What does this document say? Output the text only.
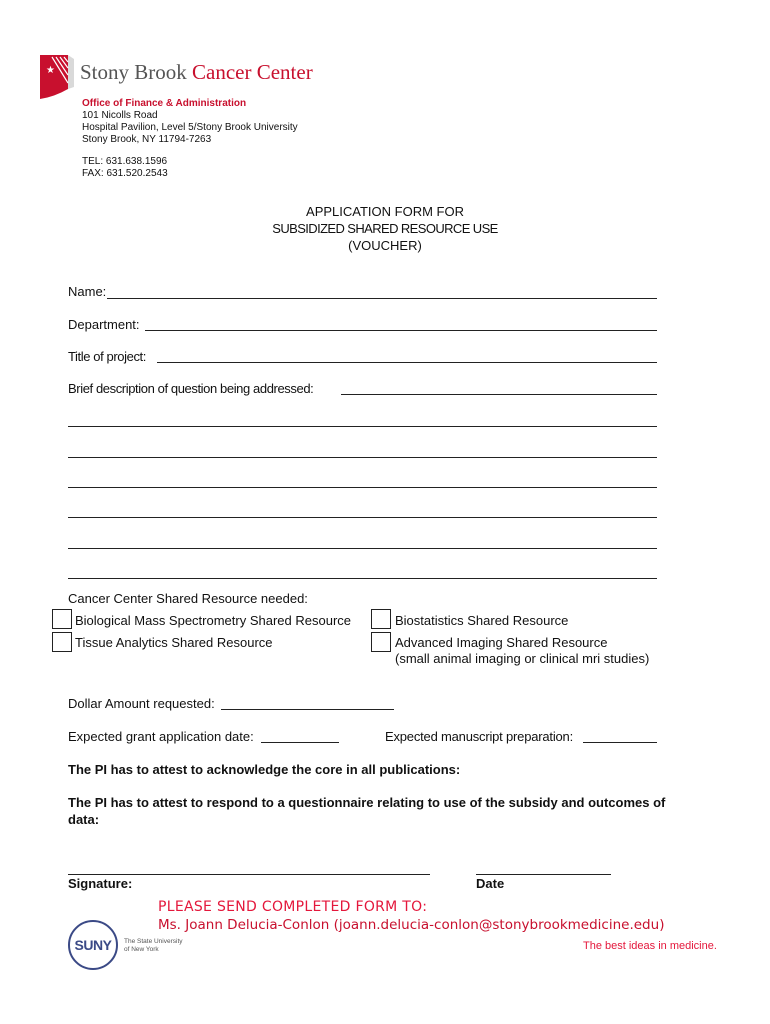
★ Stony Brook Cancer Center
Office of Finance & Administration
101 Nicolls Road
Hospital Pavilion, Level 5/Stony Brook University
Stony Brook, NY 11794-7263
TEL: 631.638.1596
FAX: 631.520.2543
APPLICATION FORM FOR
SUBSIDIZED SHARED RESOURCE USE
(VOUCHER)
Name:
Department:
Title of project:
Brief description of question being addressed:
Cancer Center Shared Resource needed:
Biological Mass Spectrometry Shared Resource
Tissue Analytics Shared Resource
Biostatistics Shared Resource
Advanced Imaging Shared Resource
(small animal imaging or clinical mri studies)
Dollar Amount requested:
Expected grant application date:	Expected manuscript preparation:
The PI has to attest to acknowledge the core in all publications:
The PI has to attest to respond to a questionnaire relating to use of the subsidy and outcomes of
data:
Signature:	Date
PLEASE SEND COMPLETED FORM TO:
Ms. Joann Delucia-Conlon (joann.delucia-conlon@stonybrookmedicine.edu)
SUNY The State University
of New York	The best ideas in medicine.
